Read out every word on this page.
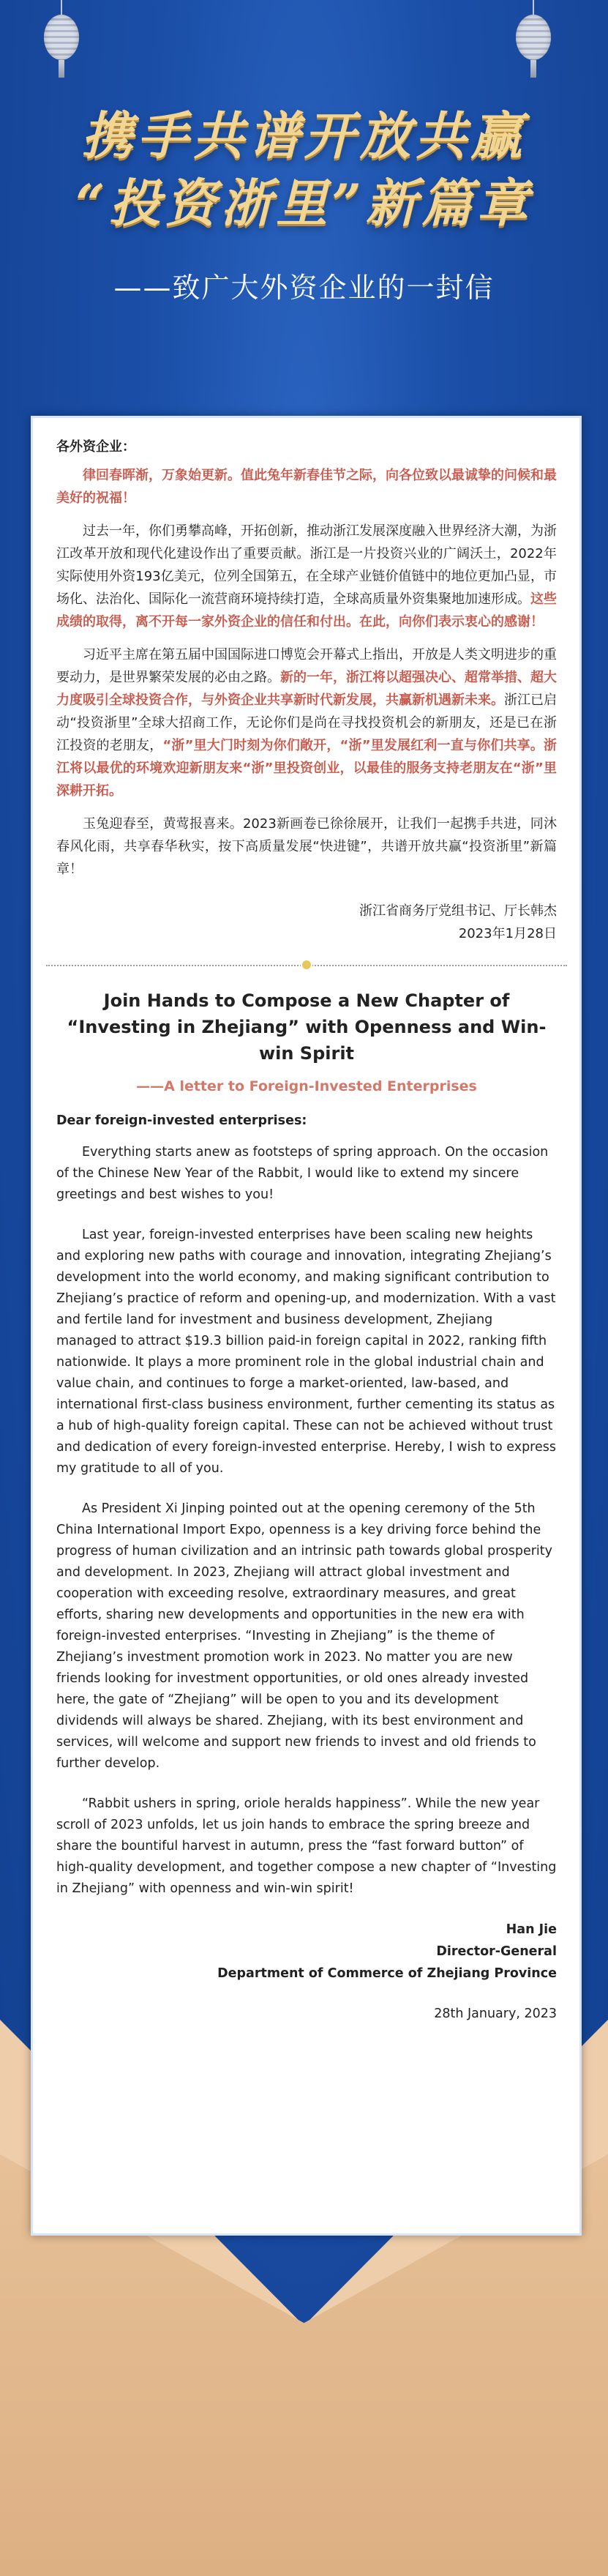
携手共谱开放共赢
“投资浙里”新篇章
——致广大外资企业的一封信

各外资企业：

律回春晖渐，万象始更新。值此兔年新春佳节之际，向各位致以最诚挚的问候和最美好的祝福！

过去一年，你们勇攀高峰，开拓创新，推动浙江发展深度融入世界经济大潮，为浙江改革开放和现代化建设作出了重要贡献。浙江是一片投资兴业的广阔沃土，2022年实际使用外资193亿美元，位列全国第五，在全球产业链价值链中的地位更加凸显，市场化、法治化、国际化一流营商环境持续打造，全球高质量外资集聚地加速形成。这些成绩的取得，离不开每一家外资企业的信任和付出。在此，向你们表示衷心的感谢！

习近平主席在第五届中国国际进口博览会开幕式上指出，开放是人类文明进步的重要动力，是世界繁荣发展的必由之路。新的一年，浙江将以超强决心、超常举措、超大力度吸引全球投资合作，与外资企业共享新时代新发展，共赢新机遇新未来。浙江已启动“投资浙里”全球大招商工作，无论你们是尚在寻找投资机会的新朋友，还是已在浙江投资的老朋友，“浙”里大门时刻为你们敞开，“浙”里发展红利一直与你们共享。浙江将以最优的环境欢迎新朋友来“浙”里投资创业，以最佳的服务支持老朋友在“浙”里深耕开拓。

玉兔迎春至，黄莺报喜来。2023新画卷已徐徐展开，让我们一起携手共进，同沐春风化雨，共享春华秋实，按下高质量发展“快进键”，共谱开放共赢“投资浙里”新篇章！

浙江省商务厅党组书记、厅长韩杰
2023年1月28日
Join Hands to Compose a New Chapter of “Investing in Zhejiang” with Openness and Win-win Spirit
——A letter to Foreign-Invested Enterprises

Dear foreign-invested enterprises:

Everything starts anew as footsteps of spring approach. On the occasion of the Chinese New Year of the Rabbit, I would like to extend my sincere greetings and best wishes to you!

Last year, foreign-invested enterprises have been scaling new heights and exploring new paths with courage and innovation, integrating Zhejiang’s development into the world economy, and making significant contribution to Zhejiang’s practice of reform and opening-up, and modernization. With a vast and fertile land for investment and business development, Zhejiang managed to attract $19.3 billion paid-in foreign capital in 2022, ranking fifth nationwide. It plays a more prominent role in the global industrial chain and value chain, and continues to forge a market-oriented, law-based, and international first-class business environment, further cementing its status as a hub of high-quality foreign capital. These can not be achieved without trust and dedication of every foreign-invested enterprise. Hereby, I wish to express my gratitude to all of you.

As President Xi Jinping pointed out at the opening ceremony of the 5th China International Import Expo, openness is a key driving force behind the progress of human civilization and an intrinsic path towards global prosperity and development. In 2023, Zhejiang will attract global investment and cooperation with exceeding resolve, extraordinary measures, and great efforts, sharing new developments and opportunities in the new era with foreign-invested enterprises. “Investing in Zhejiang” is the theme of Zhejiang’s investment promotion work in 2023. No matter you are new friends looking for investment opportunities, or old ones already invested here, the gate of “Zhejiang” will be open to you and its development dividends will always be shared. Zhejiang, with its best environment and services, will welcome and support new friends to invest and old friends to further develop.

“Rabbit ushers in spring, oriole heralds happiness”. While the new year scroll of 2023 unfolds, let us join hands to embrace the spring breeze and share the bountiful harvest in autumn, press the “fast forward button” of high-quality development, and together compose a new chapter of “Investing in Zhejiang” with openness and win-win spirit!

Han Jie
Director-General
Department of Commerce of Zhejiang Province
28th January, 2023
